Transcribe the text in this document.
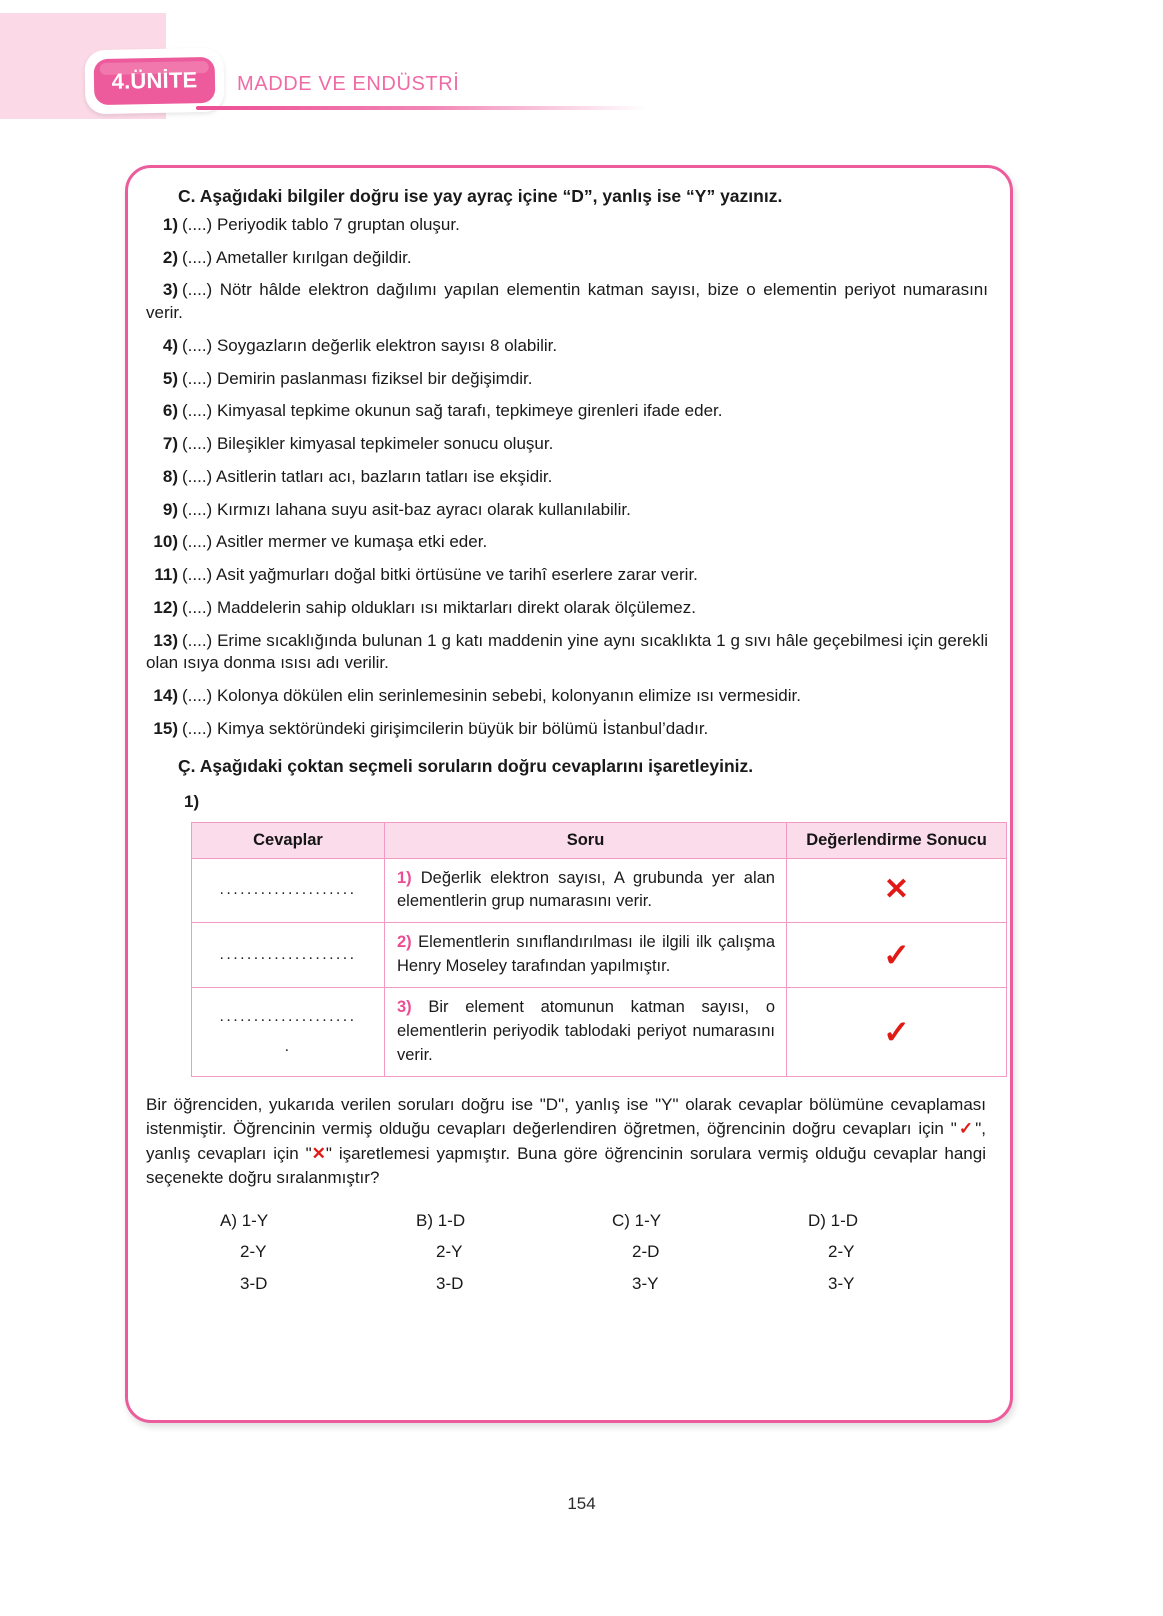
4.ÜNİTE MADDE VE ENDÜSTRİ
C. Aşağıdaki bilgiler doğru ise yay ayraç içine “D”, yanlış ise “Y” yazınız.
1) (....) Periyodik tablo 7 gruptan oluşur.
2) (....) Ametaller kırılgan değildir.
3) (....) Nötr hâlde elektron dağılımı yapılan elementin katman sayısı, bize o elementin periyot numarasını verir.
4) (....) Soygazların değerlik elektron sayısı 8 olabilir.
5) (....) Demirin paslanması fiziksel bir değişimdir.
6) (....) Kimyasal tepkime okunun sağ tarafı, tepkimeye girenleri ifade eder.
7) (....) Bileşikler kimyasal tepkimeler sonucu oluşur.
8) (....) Asitlerin tatları acı, bazların tatları ise ekşidir.
9) (....) Kırmızı lahana suyu asit-baz ayracı olarak kullanılabilir.
10) (....) Asitler mermer ve kumaşa etki eder.
11) (....) Asit yağmurları doğal bitki örtüsüne ve tarihî eserlere zarar verir.
12) (....) Maddelerin sahip oldukları ısı miktarları direkt olarak ölçülemez.
13) (....) Erime sıcaklığında bulunan 1 g katı maddenin yine aynı sıcaklıkta 1 g sıvı hâle geçebilmesi için gerekli olan ısıya donma ısısı adı verilir.
14) (....) Kolonya dökülen elin serinlemesinin sebebi, kolonyanın elimize ısı vermesidir.
15) (....) Kimya sektöründeki girişimcilerin büyük bir bölümü İstanbul’dadır.
Ç. Aşağıdaki çoktan seçmeli soruların doğru cevaplarını işaretleyiniz.
1)
Cevaplar	Soru	Değerlendirme Sonucu

....................	1) Değerlik elektron sayısı, A grubunda yer alan elementlerin grup numarasını verir.	✕

....................	2) Elementlerin sınıflandırılması ile ilgili ilk çalışma Henry Moseley tarafından yapılmıştır.	✓

....................
.	3) Bir element atomunun katman sayısı, o elementlerin periyodik tablodaki periyot numarasını verir.	✓

Bir öğrenciden, yukarıda verilen soruları doğru ise "D", yanlış ise "Y" olarak cevaplar bölümüne cevaplaması istenmiştir. Öğrencinin vermiş olduğu cevapları değerlendiren öğretmen, öğrencinin doğru cevapları için "✓", yanlış cevapları için "✕" işaretlemesi yapmıştır. Buna göre öğrencinin sorulara vermiş olduğu cevaplar hangi seçenekte doğru sıralanmıştır?

A) 1-Y
2-Y
3-D
B) 1-D
2-Y
3-D
C) 1-Y
2-D
3-Y
D) 1-D
2-Y
3-Y
154
